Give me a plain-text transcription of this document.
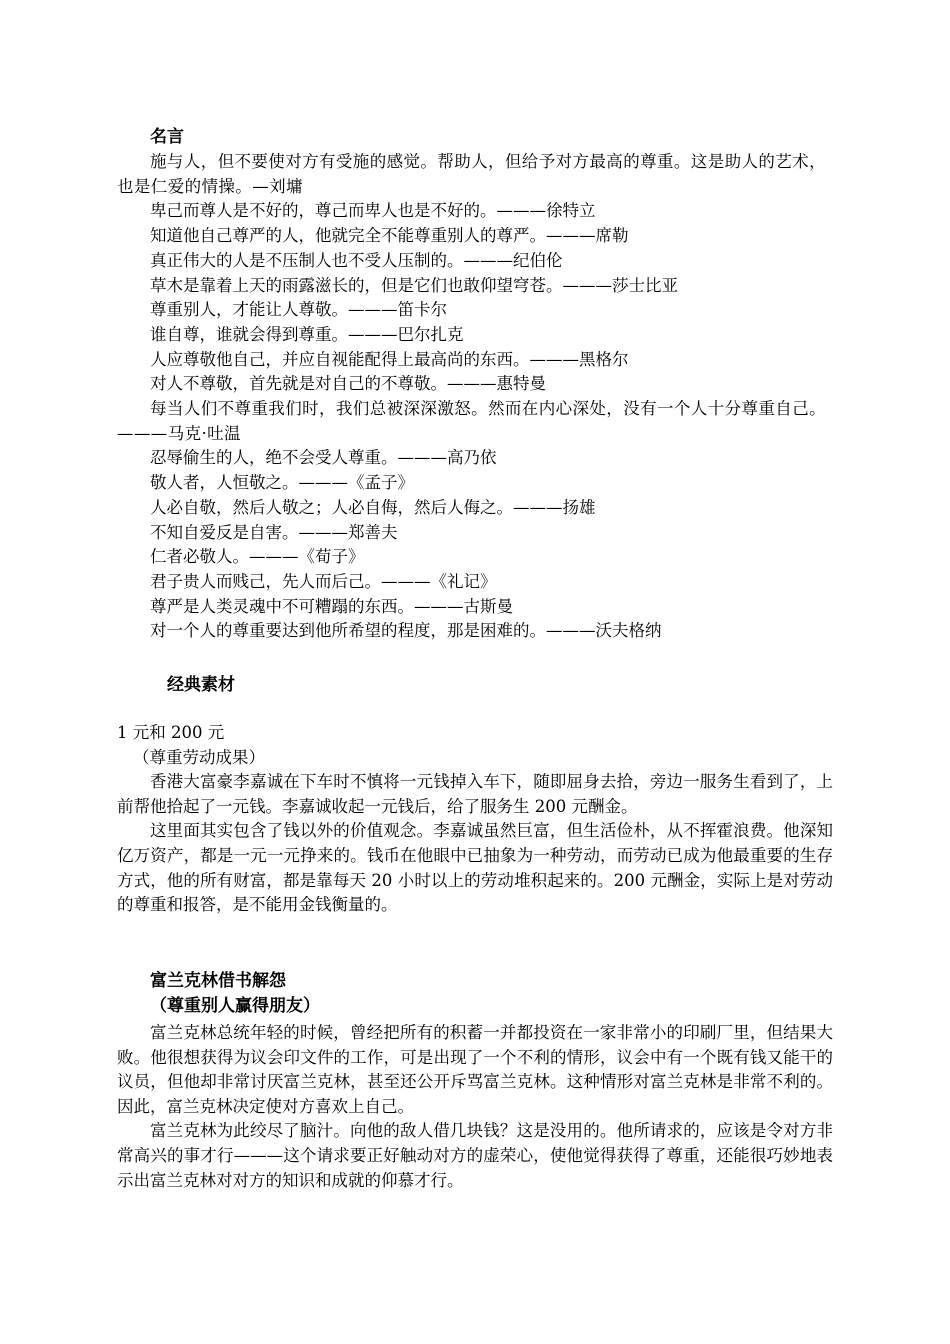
名言
施与人，但不要使对方有受施的感觉。帮助人，但给予对方最高的尊重。这是助人的艺术，也是仁爱的情操。—刘墉
卑己而尊人是不好的，尊己而卑人也是不好的。———徐特立
知道他自己尊严的人，他就完全不能尊重别人的尊严。———席勒
真正伟大的人是不压制人也不受人压制的。———纪伯伦
草木是靠着上天的雨露滋长的，但是它们也敢仰望穹苍。———莎士比亚
尊重别人，才能让人尊敬。———笛卡尔
谁自尊，谁就会得到尊重。———巴尔扎克
人应尊敬他自己，并应自视能配得上最高尚的东西。———黑格尔
对人不尊敬，首先就是对自己的不尊敬。———惠特曼
每当人们不尊重我们时，我们总被深深激怒。然而在内心深处，没有一个人十分尊重自己。———马克·吐温
忍辱偷生的人，绝不会受人尊重。———高乃依
敬人者，人恒敬之。———《孟子》
人必自敬，然后人敬之；人必自侮，然后人侮之。———扬雄
不知自爱反是自害。———郑善夫
仁者必敬人。———《荀子》
君子贵人而贱己，先人而后己。———《礼记》
尊严是人类灵魂中不可糟蹋的东西。———古斯曼
对一个人的尊重要达到他所希望的程度，那是困难的。———沃夫格纳
经典素材
1 元和 200 元
（尊重劳动成果）
香港大富豪李嘉诚在下车时不慎将一元钱掉入车下，随即屈身去拾，旁边一服务生看到了，上前帮他拾起了一元钱。李嘉诚收起一元钱后，给了服务生 200 元酬金。
这里面其实包含了钱以外的价值观念。李嘉诚虽然巨富，但生活俭朴，从不挥霍浪费。他深知亿万资产，都是一元一元挣来的。钱币在他眼中已抽象为一种劳动，而劳动已成为他最重要的生存方式，他的所有财富，都是靠每天 20 小时以上的劳动堆积起来的。200 元酬金，实际上是对劳动的尊重和报答，是不能用金钱衡量的。
富兰克林借书解怨
（尊重别人赢得朋友）
富兰克林总统年轻的时候，曾经把所有的积蓄一并都投资在一家非常小的印刷厂里，但结果大败。他很想获得为议会印文件的工作，可是出现了一个不利的情形，议会中有一个既有钱又能干的议员，但他却非常讨厌富兰克林，甚至还公开斥骂富兰克林。这种情形对富兰克林是非常不利的。因此，富兰克林决定使对方喜欢上自己。
富兰克林为此绞尽了脑汁。向他的敌人借几块钱？这是没用的。他所请求的，应该是令对方非常高兴的事才行———这个请求要正好触动对方的虚荣心，使他觉得获得了尊重，还能很巧妙地表示出富兰克林对对方的知识和成就的仰慕才行。
